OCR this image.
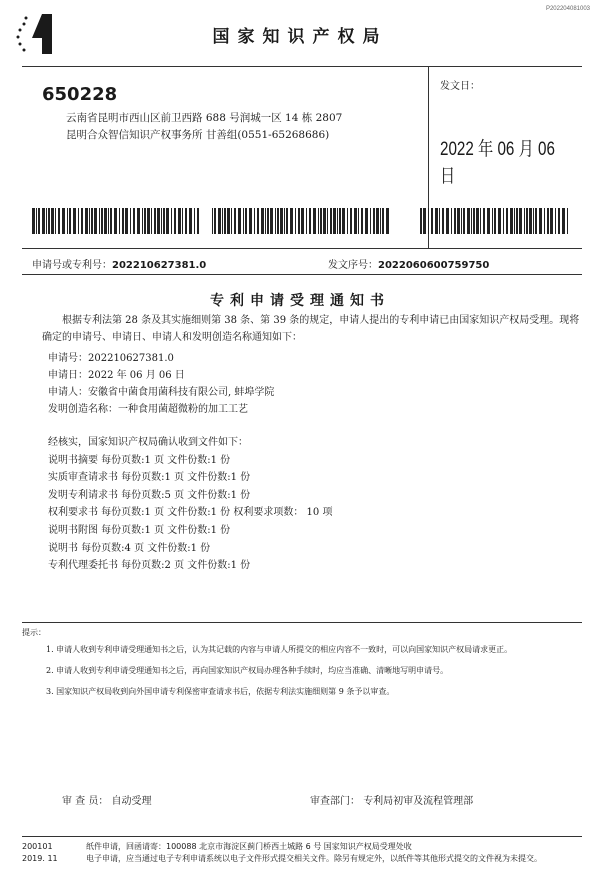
P202204081003
国家知识产权局
650228
云南省昆明市西山区前卫西路 688 号润城一区 14 栋 2807
昆明合众智信知识产权事务所 甘善组(0551-65268686)
发文日：
2022 年 06 月 06 日
申请号或专利号：202210627381.0	发文序号：2022060600759750
专利申请受理通知书
根据专利法第 28 条及其实施细则第 38 条、第 39 条的规定，申请人提出的专利申请已由国家知识产权局受理。现将确定的申请号、申请日、申请人和发明创造名称通知如下：
申请号：202210627381.0
申请日：2022 年 06 月 06 日
申请人：安徽省中菌食用菌科技有限公司, 蚌埠学院
发明创造名称：一种食用菌超微粉的加工工艺
经核实，国家知识产权局确认收到文件如下：
说明书摘要 每份页数:1 页 文件份数:1 份
实质审查请求书 每份页数:1 页 文件份数:1 份
发明专利请求书 每份页数:5 页 文件份数:1 份
权利要求书 每份页数:1 页 文件份数:1 份 权利要求项数： 10 项
说明书附图 每份页数:1 页 文件份数:1 份
说明书 每份页数:4 页 文件份数:1 份
专利代理委托书 每份页数:2 页 文件份数:1 份
提示：
1. 申请人收到专利申请受理通知书之后，认为其记载的内容与申请人所提交的相应内容不一致时，可以向国家知识产权局请求更正。
2. 申请人收到专利申请受理通知书之后，再向国家知识产权局办理各种手续时，均应当准确、清晰地写明申请号。
3. 国家知识产权局收到向外国申请专利保密审查请求书后，依据专利法实施细则第 9 条予以审查。
审 查 员： 自动受理	审查部门： 专利局初审及流程管理部
200101
2019. 11
纸件申请，回函请寄：100088 北京市海淀区蓟门桥西土城路 6 号 国家知识产权局受理处收
电子申请，应当通过电子专利申请系统以电子文件形式提交相关文件。除另有规定外，以纸件等其他形式提交的文件视为未提交。
